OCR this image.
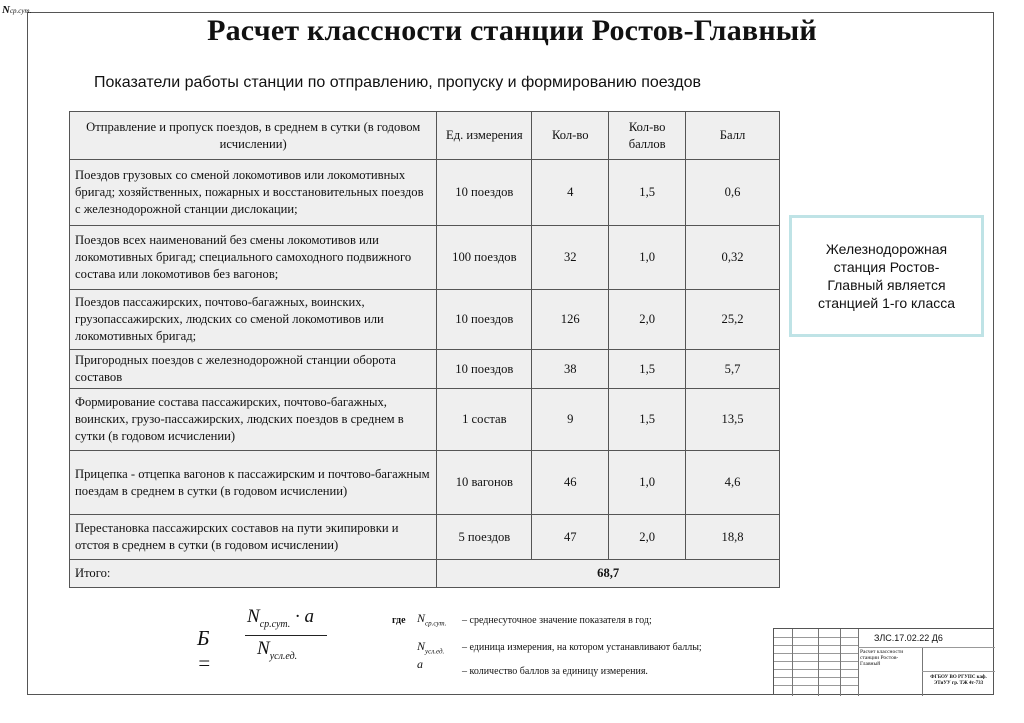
Nср.сут.
Расчет классности станции Ростов-Главный
Показатели работы станции по отправлению, пропуску и формированию поездов
Отправление и пропуск поездов, в среднем в сутки (в годовом исчислении)	Ед. измерения	Кол-во	Кол-во баллов	Балл
Поездов грузовых со сменой локомотивов или локомотивных бригад; хозяйственных, пожарных и восстановительных поездов с железнодорожной станции дислокации;	10 поездов	4	1,5	0,6
Поездов всех наименований без смены локомотивов или локомотивных бригад; специального самоходного подвижного состава или локомотивов без вагонов;	100 поездов	32	1,0	0,32
Поездов пассажирских, почтово-багажных, воинских, грузопассажирских, людских со сменой локомотивов или локомотивных бригад;	10 поездов	126	2,0	25,2
Пригородных поездов с железнодорожной станции оборота составов	10 поездов	38	1,5	5,7
Формирование состава пассажирских, почтово-багажных, воинских, грузо-пассажирских, людских поездов в среднем в сутки (в годовом исчислении)	1 состав	9	1,5	13,5
Прицепка - отцепка вагонов к пассажирским и почтово-багажным поездам в среднем в сутки (в годовом исчислении)	10 вагонов	46	1,0	4,6
Перестановка пассажирских составов на пути экипировки и отстоя в среднем в сутки (в годовом исчислении)	5 поездов	47	2,0	18,8
Итого:	68,7			
Железнодорожная станция Ростов-Главный является станцией 1-го класса
Б =
$N_{ср.сут.} \cdot a$
$N_{усл.ед.}$
где $N_{ср.сут.}$ – среднесуточное значение показателя в год;
$N_{усл.ед.}$ – единица измерения, на котором устанавливают баллы;
a
– количество баллов за единицу измерения.
ЗЛС.17.02.22 Д6
Расчет классности станции Ростов-Главный
ФГБОУ ВО РГУПС каф. ЭТиУУ гр. ТЖ 4т-733
